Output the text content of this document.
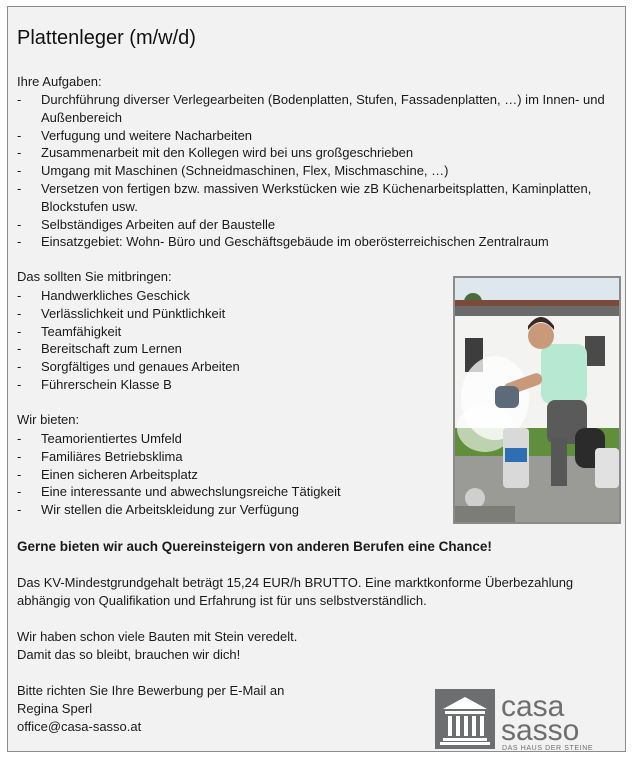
Plattenleger (m/w/d)

Ihre Aufgaben:

- Durchführung diverser Verlegearbeiten (Bodenplatten, Stufen, Fassadenplatten, …) im Innen- und Außenbereich
- Verfugung und weitere Nacharbeiten
- Zusammenarbeit mit den Kollegen wird bei uns großgeschrieben
- Umgang mit Maschinen (Schneidmaschinen, Flex, Mischmaschine, …)
- Versetzen von fertigen bzw. massiven Werkstücken wie zB Küchenarbeitsplatten, Kaminplatten, Blockstufen usw.
- Selbständiges Arbeiten auf der Baustelle
- Einsatzgebiet: Wohn- Büro und Geschäftsgebäude im oberösterreichischen Zentralraum

Das sollten Sie mitbringen:

- Handwerkliches Geschick
- Verlässlichkeit und Pünktlichkeit
- Teamfähigkeit
- Bereitschaft zum Lernen
- Sorgfältiges und genaues Arbeiten
- Führerschein Klasse B

Wir bieten:

- Teamorientiertes Umfeld
- Familiäres Betriebsklima
- Einen sicheren Arbeitsplatz
- Eine interessante und abwechslungsreiche Tätigkeit
- Wir stellen die Arbeitskleidung zur Verfügung

Gerne bieten wir auch Quereinsteigern von anderen Berufen eine Chance!

Das KV-Mindestgrundgehalt beträgt 15,24 EUR/h BRUTTO. Eine marktkonforme Überbezahlung
abhängig von Qualifikation und Erfahrung ist für uns selbstverständlich.
Wir haben schon viele Bauten mit Stein veredelt.
Damit das so bleibt, brauchen wir dich!
Bitte richten Sie Ihre Bewerbung per E-Mail an
Regina Sperl
office@casa-sasso.at
casa
sasso
DAS HAUS DER STEINE
